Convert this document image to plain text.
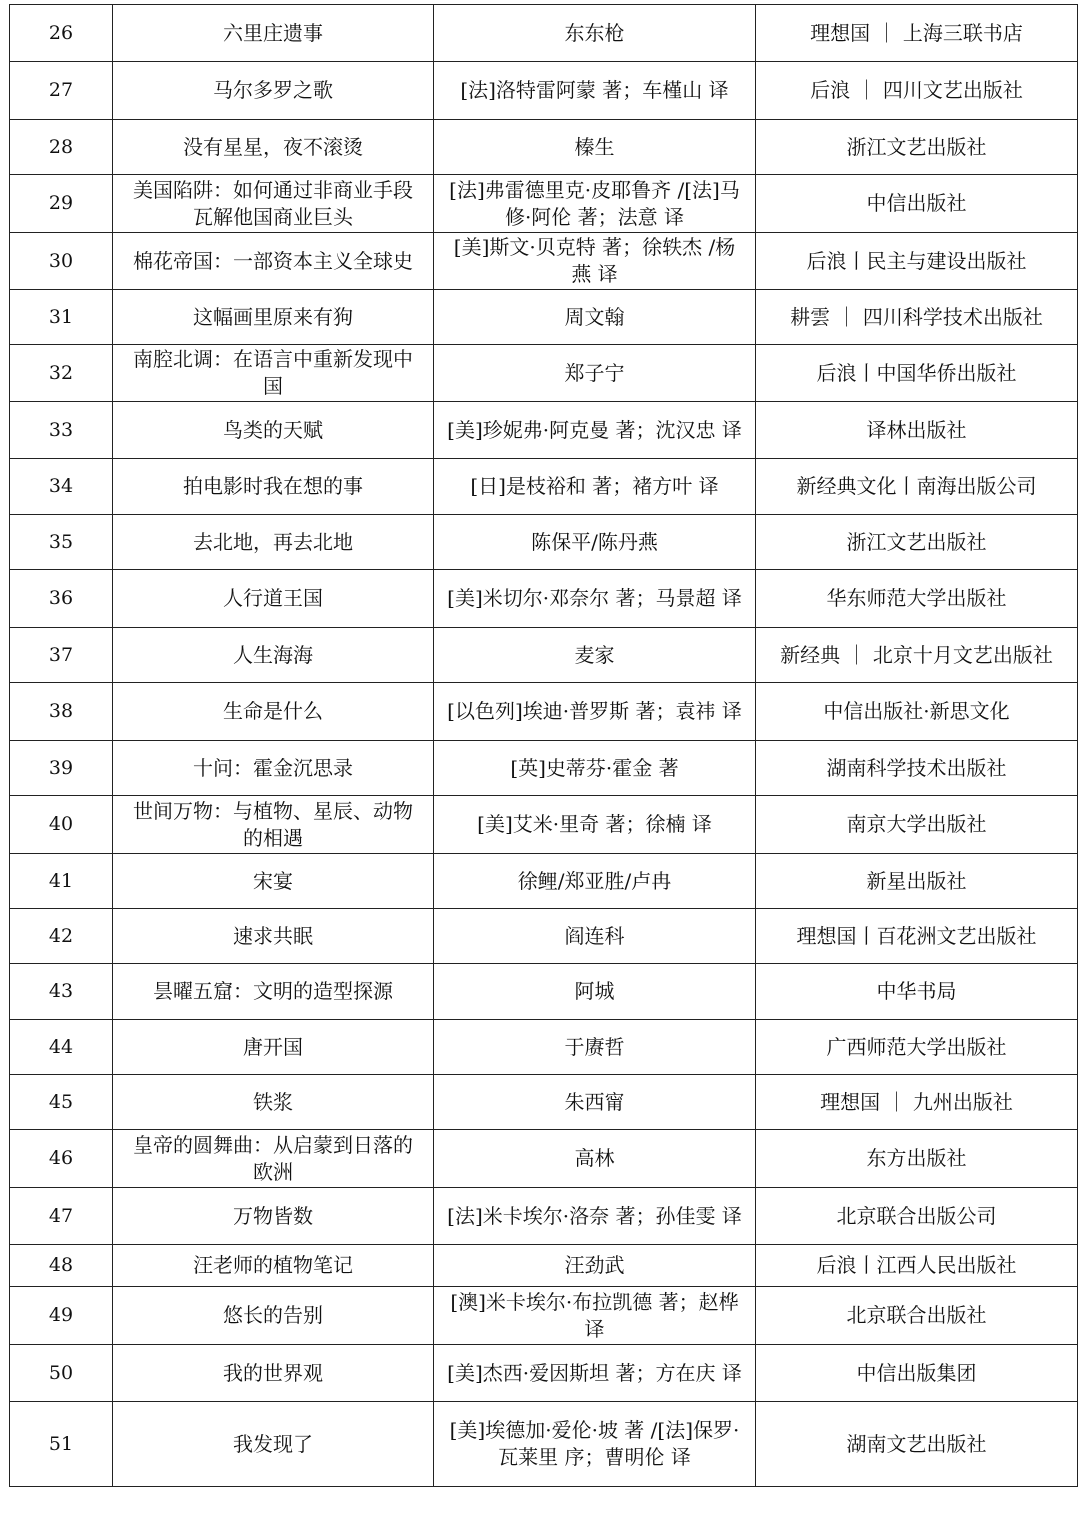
26	六里庄遗事	东东枪	理想国 ｜ 上海三联书店
27	马尔多罗之歌	[法]洛特雷阿蒙 著；车槿山 译	后浪 ｜ 四川文艺出版社
28	没有星星，夜不滚烫	榛生	浙江文艺出版社
29	美国陷阱：如何通过非商业手段瓦解他国商业巨头	[法]弗雷德里克·皮耶鲁齐 /[法]马修·阿伦 著；法意 译	中信出版社
30	棉花帝国：一部资本主义全球史	[美]斯文·贝克特 著；徐轶杰 /杨燕 译	后浪丨民主与建设出版社
31	这幅画里原来有狗	周文翰	耕雲 ｜ 四川科学技术出版社
32	南腔北调：在语言中重新发现中国	郑子宁	后浪丨中国华侨出版社
33	鸟类的天赋	[美]珍妮弗·阿克曼 著；沈汉忠 译	译林出版社
34	拍电影时我在想的事	[日]是枝裕和 著；褚方叶 译	新经典文化丨南海出版公司
35	去北地，再去北地	陈保平/陈丹燕	浙江文艺出版社
36	人行道王国	[美]米切尔·邓奈尔 著；马景超 译	华东师范大学出版社
37	人生海海	麦家	新经典 ｜ 北京十月文艺出版社
38	生命是什么	[以色列]埃迪·普罗斯 著；袁祎 译	中信出版社·新思文化
39	十问：霍金沉思录	[英]史蒂芬·霍金 著	湖南科学技术出版社
40	世间万物：与植物、星辰、动物的相遇	[美]艾米·里奇 著；徐楠 译	南京大学出版社
41	宋宴	徐鲤/郑亚胜/卢冉	新星出版社
42	速求共眠	阎连科	理想国丨百花洲文艺出版社
43	昙曜五窟：文明的造型探源	阿城	中华书局
44	唐开国	于赓哲	广西师范大学出版社
45	铁浆	朱西甯	理想国 ｜ 九州出版社
46	皇帝的圆舞曲：从启蒙到日落的欧洲	高林	东方出版社
47	万物皆数	[法]米卡埃尔·洛奈 著；孙佳雯 译	北京联合出版公司
48	汪老师的植物笔记	汪劲武	后浪丨江西人民出版社
49	悠长的告别	[澳]米卡埃尔·布拉凯德 著；赵桦 译	北京联合出版社
50	我的世界观	[美]杰西·爱因斯坦 著；方在庆 译	中信出版集团
51	我发现了	[美]埃德加·爱伦·坡 著 /[法]保罗·瓦莱里 序；曹明伦 译	湖南文艺出版社
